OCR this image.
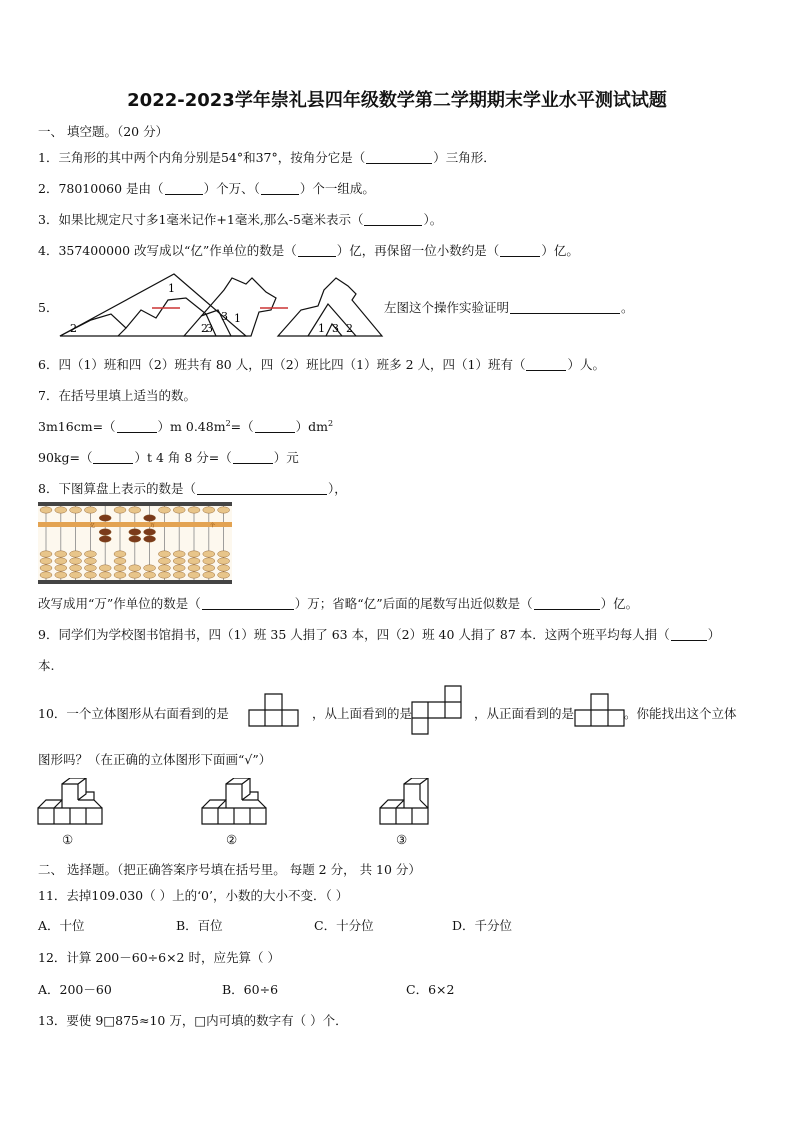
2022-2023学年崇礼县四年级数学第二学期期末学业水平测试试题
一、 填空题。（20 分）
1．三角形的其中两个内角分别是54°和37°，按角分它是（	）三角形．
2．78010060 是由（	）个万、（	）个一组成。
3．如果比规定尺寸多1毫米记作+1毫米,那么-5毫米表示（	）。
4．357400000 改写成以“亿”作单位的数是（	）亿，再保留一位小数约是（	）亿。
5．
1
2	3
2
3 1
1 3 2
左图这个操作实验证明	。
6．四（1）班和四（2）班共有 80 人，四（2）班比四（1）班多 2 人，四（1）班有（	）人。
7．在括号里填上适当的数。
3m16cm=（	）m $0.48m^2=$（	）$dm^2$
90kg=（	）t 4 角 8 分=（	）元
8．下图算盘上表示的数是（	），
亿	万	个
改写成用“万”作单位的数是（	）万；省略“亿”后面的尾数写出近似数是（	）亿。
9．同学们为学校图书馆捐书，四（1）班 35 人捐了 63 本，四（2）班 40 人捐了 87 本．这两个班平均每人捐（	）
本.
10．一个立体图形从右面看到的是	，从上面看到的是	，从正面看到的是	。你能找出这个立体
图形吗？（在正确的立体图形下面画“√”）
①	②	③
二、 选择题。（把正确答案序号填在括号里。 每题 2 分， 共 10 分）
11．去掉109.030（ ）上的‘0’，小数的大小不变．（ ）
A．十位	B．百位	C．十分位	D．千分位
12．计算 200－60÷6×2 时，应先算（ ）
A．200－60	B．60÷6	C．6×2
13．要使 9□875≈10 万，□内可填的数字有（ ）个．
